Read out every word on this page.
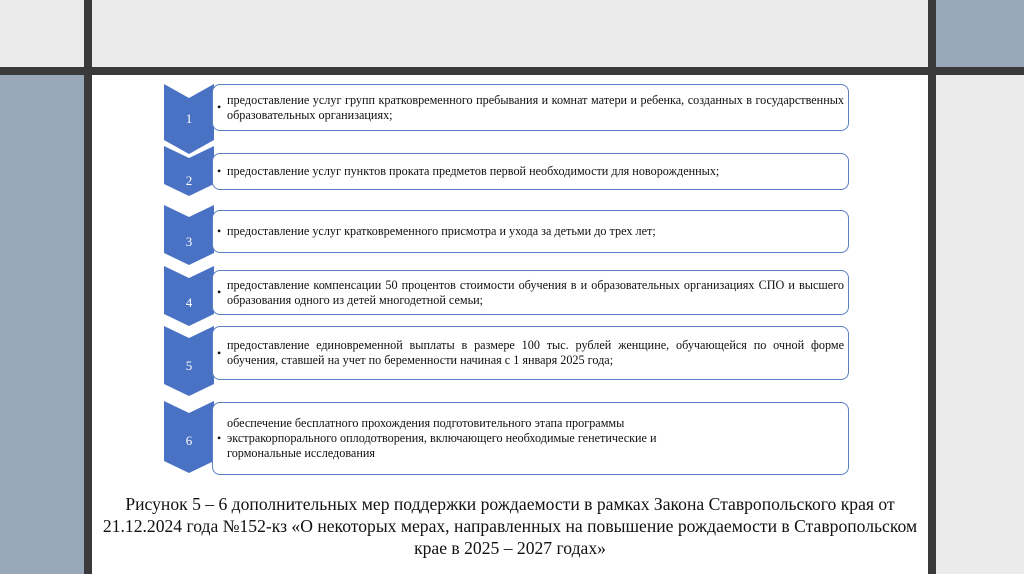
1
•
предоставление услуг групп кратковременного пребывания и комнат матери и ребенка, созданных в государственных образовательных организациях;
2
• предоставление услуг пунктов проката предметов первой необходимости для новорожденных;
3
• предоставление услуг кратковременного присмотра и ухода за детьми до трех лет;
4
•
предоставление компенсации 50 процентов стоимости обучения в и образовательных организациях СПО и высшего образования одного из детей многодетной семьи;
5
•
предоставление единовременной выплаты в размере 100 тыс. рублей женщине, обучающейся по очной форме обучения, ставшей на учет по беременности начиная с 1 января 2025 года;
6	•
обеспечение бесплатного прохождения подготовительного этапа программы экстракорпорального оплодотворения, включающего необходимые генетические и гормональные исследования
Рисунок 5 – 6 дополнительных мер поддержки рождаемости в рамках Закона Ставропольского края от 21.12.2024 года №152-кз «О некоторых мерах, направленных на повышение рождаемости в Ставропольском крае в 2025 – 2027 годах»
